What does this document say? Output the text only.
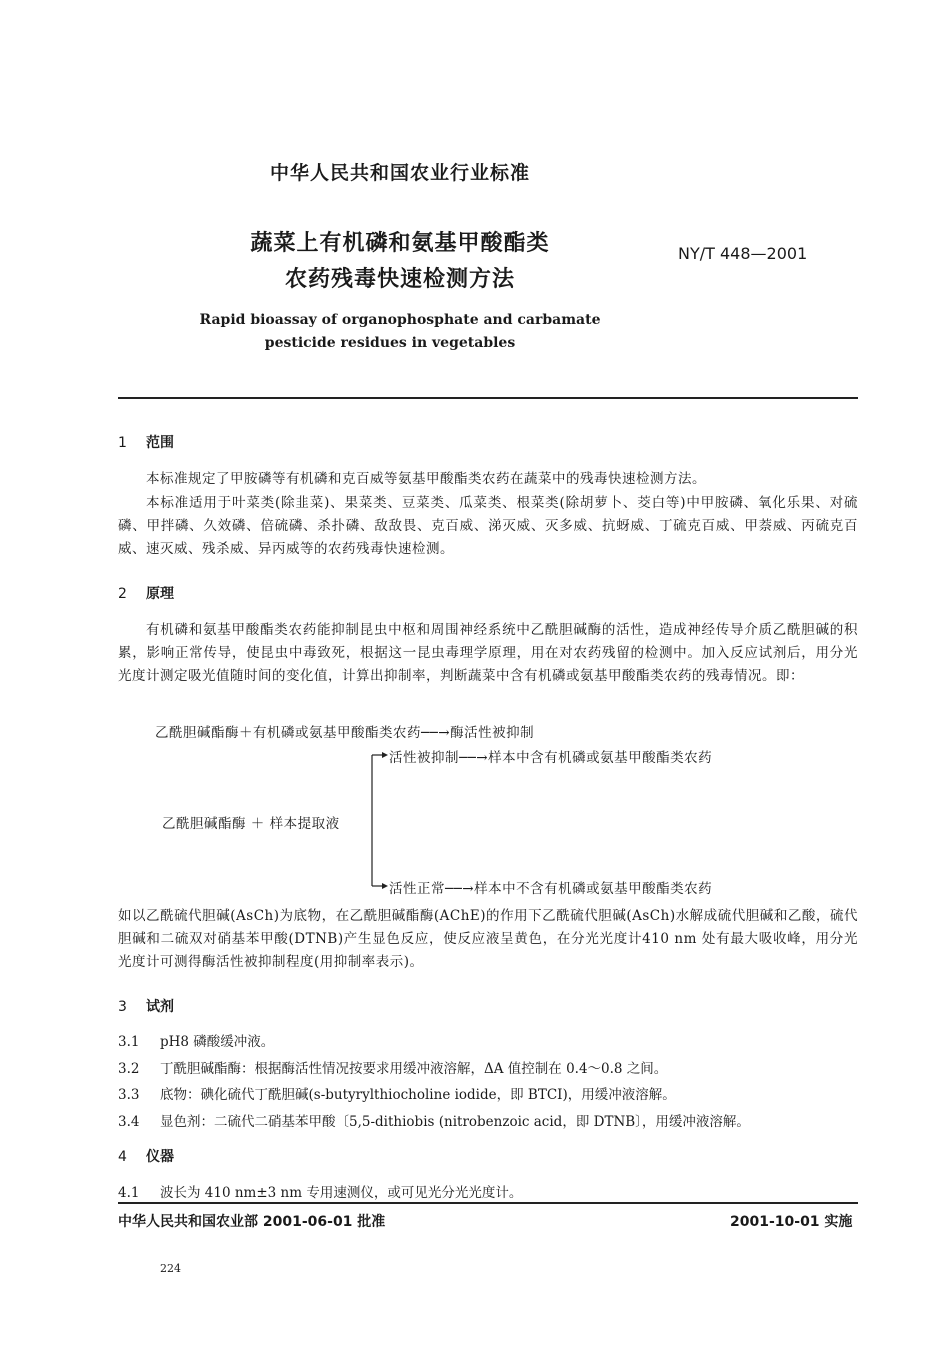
中华人民共和国农业行业标准
蔬菜上有机磷和氨基甲酸酯类
农药残毒快速检测方法
NY/T 448—2001
Rapid bioassay of organophosphate and carbamate
pesticide residues in vegetables
1 范围
本标准规定了甲胺磷等有机磷和克百威等氨基甲酸酯类农药在蔬菜中的残毒快速检测方法。
本标准适用于叶菜类(除韭菜)、果菜类、豆菜类、瓜菜类、根菜类(除胡萝卜、茭白等)中甲胺磷、氧化乐果、对硫磷、甲拌磷、久效磷、倍硫磷、杀扑磷、敌敌畏、克百威、涕灭威、灭多威、抗蚜威、丁硫克百威、甲萘威、丙硫克百威、速灭威、残杀威、异丙威等的农药残毒快速检测。
2 原理
有机磷和氨基甲酸酯类农药能抑制昆虫中枢和周围神经系统中乙酰胆碱酶的活性，造成神经传导介质乙酰胆碱的积累，影响正常传导，使昆虫中毒致死，根据这一昆虫毒理学原理，用在对农药残留的检测中。加入反应试剂后，用分光光度计测定吸光值随时间的变化值，计算出抑制率，判断蔬菜中含有机磷或氨基甲酸酯类农药的残毒情况。即：
乙酰胆碱酯酶＋有机磷或氨基甲酸酯类农药──→酶活性被抑制
活性被抑制──→样本中含有机磷或氨基甲酸酯类农药
乙酰胆碱酯酶 ＋ 样本提取液
活性正常──→样本中不含有机磷或氨基甲酸酯类农药
如以乙酰硫代胆碱(AsCh)为底物，在乙酰胆碱酯酶(AChE)的作用下乙酰硫代胆碱(AsCh)水解成硫代胆碱和乙酸，硫代胆碱和二硫双对硝基苯甲酸(DTNB)产生显色反应，使反应液呈黄色，在分光光度计410 nm 处有最大吸收峰，用分光光度计可测得酶活性被抑制程度(用抑制率表示)。
3 试剂
3.1 pH8 磷酸缓冲液。
3.2 丁酰胆碱酯酶：根据酶活性情况按要求用缓冲液溶解，ΔA 值控制在 0.4～0.8 之间。
3.3 底物：碘化硫代丁酰胆碱(s-butyrylthiocholine iodide，即 BTCI)，用缓冲液溶解。
3.4 显色剂：二硫代二硝基苯甲酸〔5,5-dithiobis (nitrobenzoic acid，即 DTNB〕，用缓冲液溶解。
4 仪器
4.1 波长为 410 nm±3 nm 专用速测仪，或可见光分光光度计。
中华人民共和国农业部 2001-06-01 批准	2001-10-01 实施
224
